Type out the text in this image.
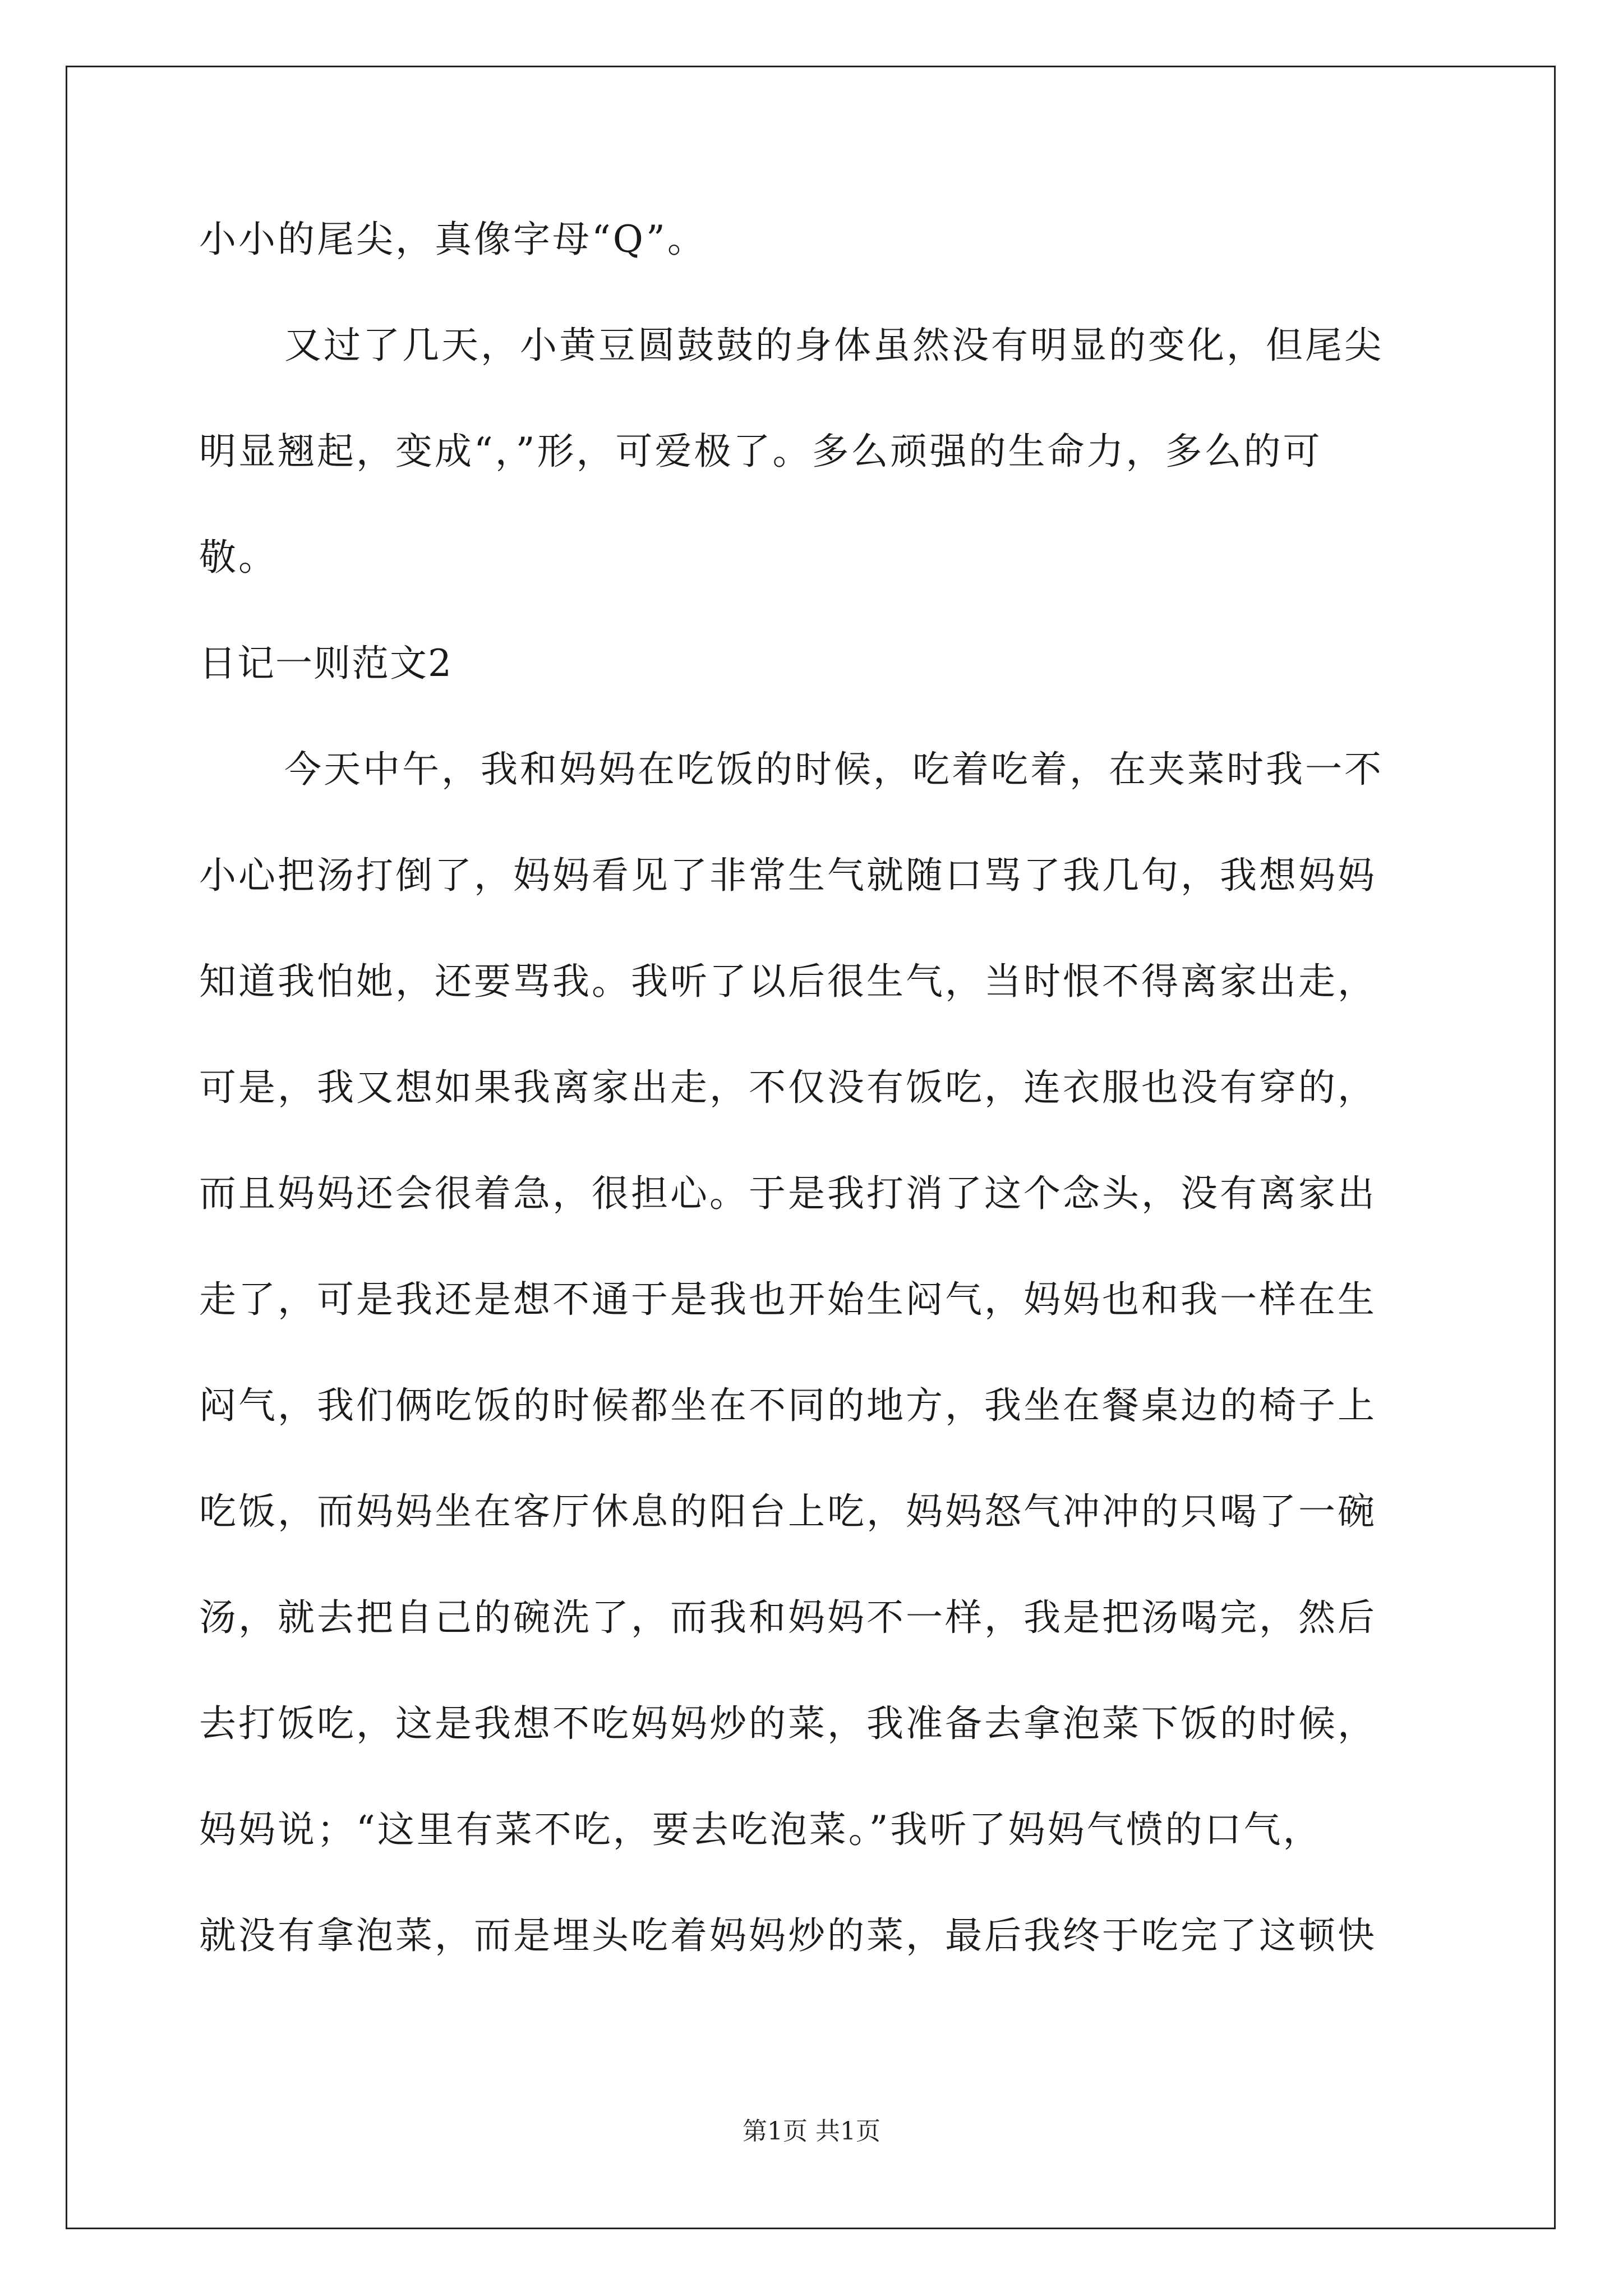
小小的尾尖，真像字母“Q”。
又过了几天，小黄豆圆鼓鼓的身体虽然没有明显的变化，但尾尖
明显翘起，变成“，”形，可爱极了。多么顽强的生命力，多么的可
敬。
日记一则范文2
今天中午，我和妈妈在吃饭的时候，吃着吃着，在夹菜时我一不
小心把汤打倒了，妈妈看见了非常生气就随口骂了我几句，我想妈妈
知道我怕她，还要骂我。我听了以后很生气，当时恨不得离家出走，
可是，我又想如果我离家出走，不仅没有饭吃，连衣服也没有穿的，
而且妈妈还会很着急，很担心。于是我打消了这个念头，没有离家出
走了，可是我还是想不通于是我也开始生闷气，妈妈也和我一样在生
闷气，我们俩吃饭的时候都坐在不同的地方，我坐在餐桌边的椅子上
吃饭，而妈妈坐在客厅休息的阳台上吃，妈妈怒气冲冲的只喝了一碗
汤，就去把自己的碗洗了，而我和妈妈不一样，我是把汤喝完，然后
去打饭吃，这是我想不吃妈妈炒的菜，我准备去拿泡菜下饭的时候，
妈妈说；“这里有菜不吃，要去吃泡菜。”我听了妈妈气愤的口气，
就没有拿泡菜，而是埋头吃着妈妈炒的菜，最后我终于吃完了这顿快
第1页 共1页
